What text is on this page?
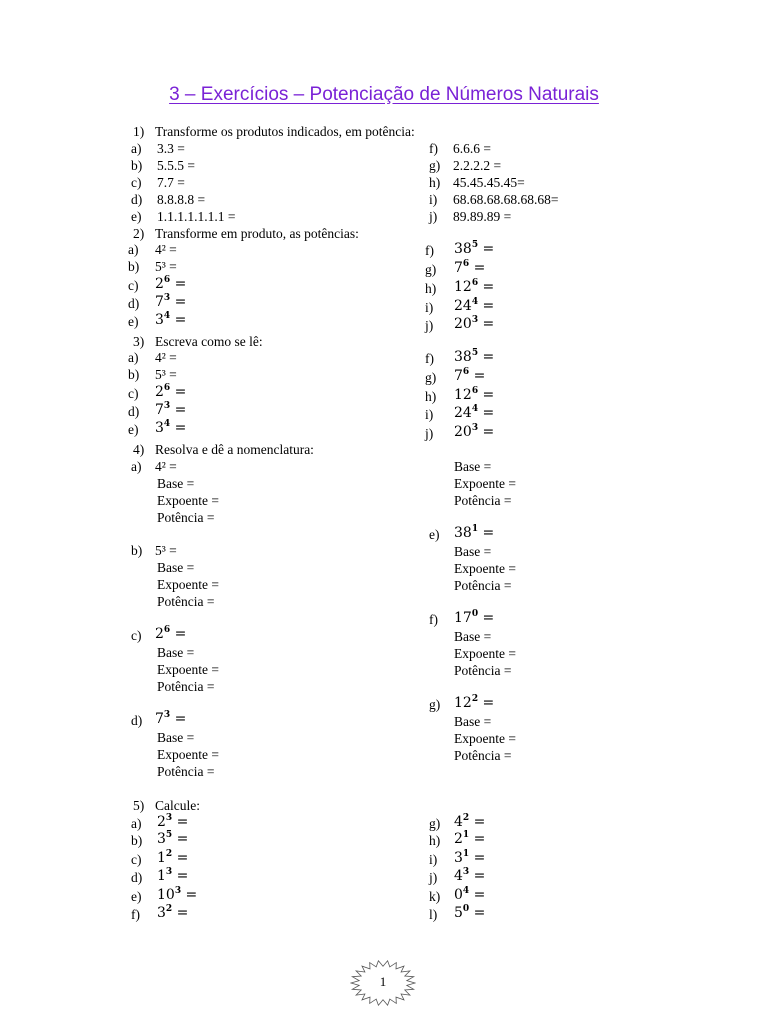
3 – Exercícios – Potenciação de Números Naturais
1) Transforme os produtos indicados, em potência:
a) 3.3 =
b) 5.5.5 =
c) 7.7 =
d) 8.8.8.8 =
e) 1.1.1.1.1.1.1 =
f) 6.6.6 =
g) 2.2.2.2 =
h) 45.45.45.45=
i) 68.68.68.68.68.68=
j) 89.89.89 =
2) Transforme em produto, as potências:
a) 4² =
b) 5³ =
c) $2^6$ =
d) $7^3$ =
e) $3^4$ =
f) $38^5$ =
g) $7^6$ =
h) $12^6$ =
i) $24^4$ =
j) $20^3$ =
3) Escreva como se lê:
a) 4² =
b) 5³ =
c) $2^6$ =
d) $7^3$ =
e) $3^4$ =
f) $38^5$ =
g) $7^6$ =
h) $12^6$ =
i) $24^4$ =
j) $20^3$ =
4) Resolva e dê a nomenclatura:
a) 4² =
Base =
Expoente =
Potência =
b) 5³ =
Base =
Expoente =
Potência =
c) $2^6$ =
Base =
Expoente =
Potência =
d) $7^3$ =
Base =
Expoente =
Potência =
Base =
Expoente =
Potência =
e) $38^1$ =
Base =
Expoente =
Potência =
f) $17^0$ =
Base =
Expoente =
Potência =
g) $12^2$ =
Base =
Expoente =
Potência =
5) Calcule:
a) $2^3$ =
b) $3^5$ =
c) $1^2$ =
d) $1^3$ =
e) $10^3$ =
f) $3^2$ =
g) $4^2$ =
h) $2^1$ =
i) $3^1$ =
j) $4^3$ =
k) $0^4$ =
l) $5^0$ =
1
